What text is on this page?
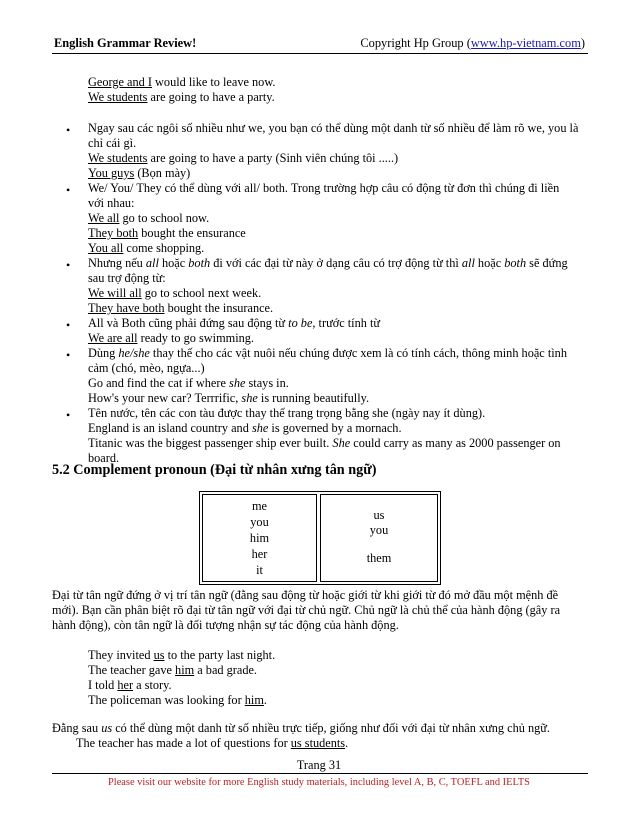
English Grammar Review!	Copyright Hp Group (www.hp-vietnam.com)
George and I would like to leave now.
We students are going to have a party.
• Ngay sau các ngôi số nhiều như we, you bạn có thể dùng một danh từ số nhiều để làm rõ we, you là
chỉ cái gì.
We students are going to have a party (Sinh viên chúng tôi .....)
You guys (Bọn mày)
• We/ You/ They có thể dùng với all/ both. Trong trường hợp câu có động từ đơn thì chúng đi liền
với nhau:
We all go to school now.
They both bought the ensurance
You all come shopping.
• Nhưng nếu all hoặc both đi với các đại từ này ở dạng câu có trợ động từ thì all hoặc both sẽ đứng
sau trợ động từ:
We will all go to school next week.
They have both bought the insurance.
• All và Both cũng phải đứng sau động từ to be, trước tính từ
We are all ready to go swimming.
• Dùng he/she thay thế cho các vật nuôi nếu chúng được xem là có tính cách, thông minh hoặc tình
cảm (chó, mèo, ngựa...)
Go and find the cat if where she stays in.
How's your new car? Terrrific, she is running beautifully.
• Tên nước, tên các con tàu được thay thế trang trọng bằng she (ngày nay ít dùng).
England is an island country and she is governed by a mornach.
Titanic was the biggest passenger ship ever built. She could carry as many as 2000 passenger on
board.
5.2 Complement pronoun (Đại từ nhân xưng tân ngữ)
me
you
him
her
it
us
you
them
Đại từ tân ngữ đứng ở vị trí tân ngữ (đằng sau động từ hoặc giới từ khi giới từ đó mở đầu một mệnh đề
mới). Bạn cần phân biệt rõ đại từ tân ngữ với đại từ chủ ngữ. Chủ ngữ là chủ thể của hành động (gây ra
hành động), còn tân ngữ là đối tượng nhận sự tác động của hành động.
They invited us to the party last night.
The teacher gave him a bad grade.
I told her a story.
The policeman was looking for him.
Đằng sau us có thể dùng một danh từ số nhiều trực tiếp, giống như đối với đại từ nhân xưng chủ ngữ.
The teacher has made a lot of questions for us students.
Trang 31
Please visit our website for more English study materials, including level A, B, C, TOEFL and IELTS
